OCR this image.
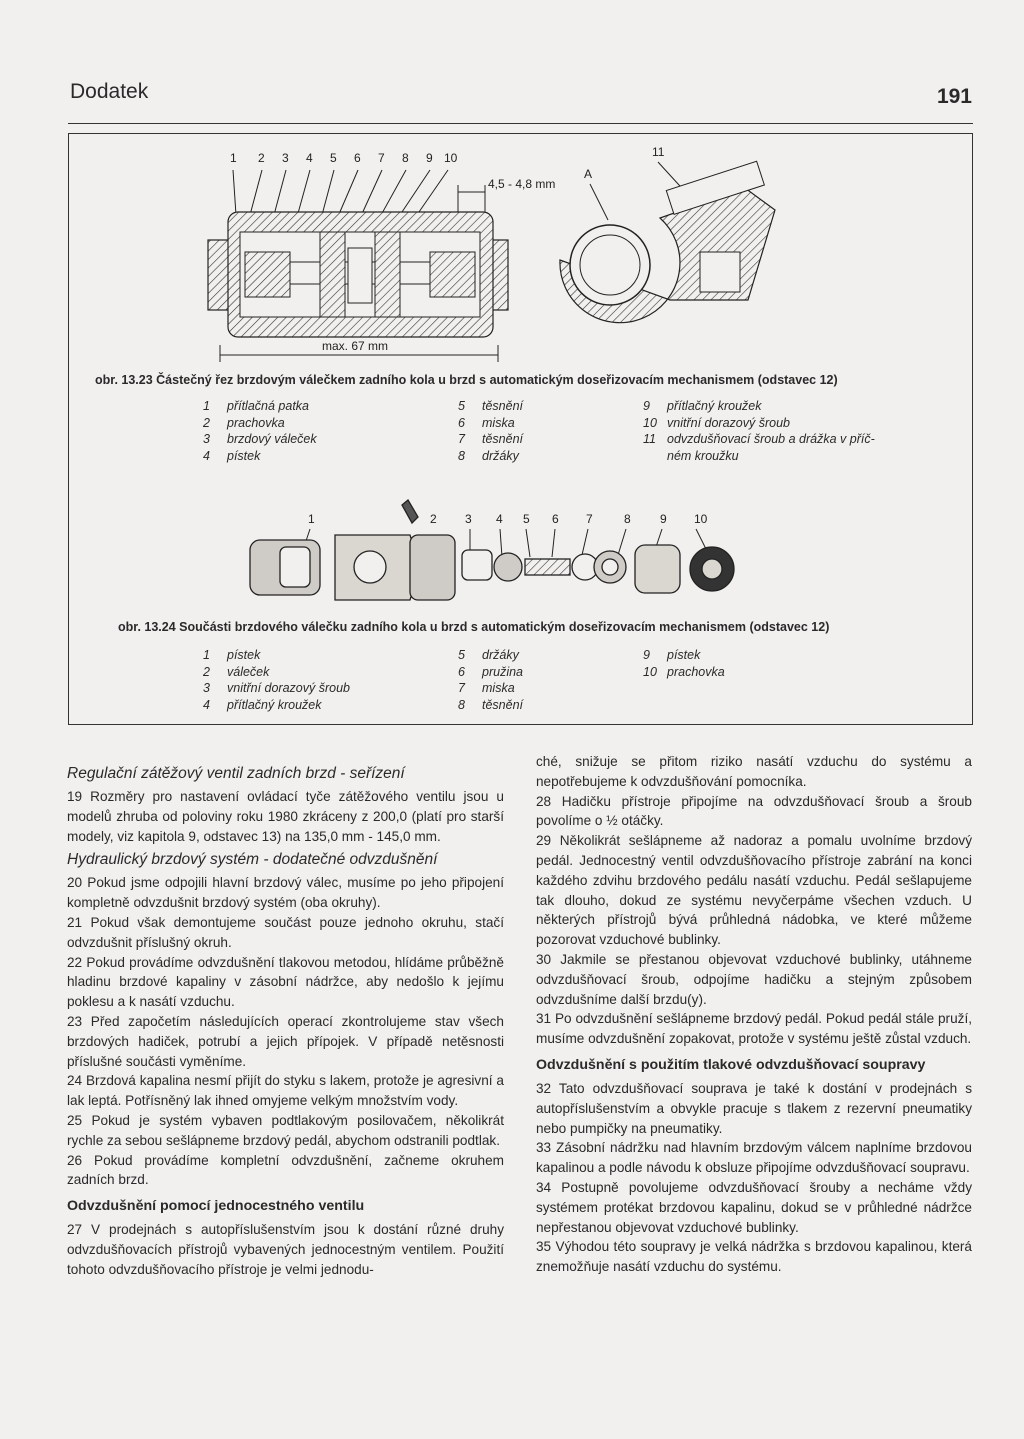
Dodatek	191
1 2 3 4 5 6 7 8 9 10
4,5 - 4,8 mm
max. 67 mm
11
A
obr. 13.23 Částečný řez brzdovým válečkem zadního kola u brzd s automatickým doseřizovacím mechanismem (odstavec 12)
1 přítlačná patka
2 prachovka
3 brzdový váleček
4 pístek
5 těsnění
6 miska
7 těsnění
8 držáky
9 přítlačný kroužek
10 vnitřní dorazový šroub
11 odvzdušňovací šroub a drážka v příč-
ném kroužku
1	2 3 4 5 6 7	8 9 10
obr. 13.24 Součásti brzdového válečku zadního kola u brzd s automatickým doseřizovacím mechanismem (odstavec 12)
1 pístek
2 váleček
3 vnitřní dorazový šroub
4 přítlačný kroužek
5 držáky
6 pružina
7 miska
8 těsnění
9 pístek
10 prachovka
Regulační zátěžový ventil zadních brzd - seřízení

19 Rozměry pro nastavení ovládací tyče zátěžového ventilu jsou u modelů zhruba od poloviny roku 1980 zkráceny z 200,0 (platí pro starší modely, viz kapitola 9, odstavec 13) na 135,0 mm - 145,0 mm.

Hydraulický brzdový systém - dodatečné odvzdušnění

20 Pokud jsme odpojili hlavní brzdový válec, musíme po jeho připojení kompletně odvzdušnit brzdový systém (oba okruhy).

21 Pokud však demontujeme součást pouze jednoho okruhu, stačí odvzdušnit příslušný okruh.

22 Pokud provádíme odvzdušnění tlakovou metodou, hlídáme průběžně hladinu brzdové kapaliny v zásobní nádržce, aby nedošlo k jejímu poklesu a k nasátí vzduchu.

23 Před započetím následujících operací zkontrolujeme stav všech brzdových hadiček, potrubí a jejich přípojek. V případě netěsnosti příslušné součásti vyměníme.

24 Brzdová kapalina nesmí přijít do styku s lakem, protože je agresivní a lak leptá. Potřísněný lak ihned omyjeme velkým množstvím vody.

25 Pokud je systém vybaven podtlakovým posilovačem, několikrát rychle za sebou sešlápneme brzdový pedál, abychom odstranili podtlak.

26 Pokud provádíme kompletní odvzdušnění, začneme okruhem zadních brzd.

Odvzdušnění pomocí jednocestného ventilu

27 V prodejnách s autopříslušenstvím jsou k dostání různé druhy odvzdušňovacích přístrojů vybavených jednocestným ventilem. Použití tohoto odvzdušňovacího přístroje je velmi jednodu-

ché, snižuje se přitom riziko nasátí vzduchu do systému a nepotřebujeme k odvzdušňování pomocníka.

28 Hadičku přístroje připojíme na odvzdušňovací šroub a šroub povolíme o ½ otáčky.

29 Několikrát sešlápneme až nadoraz a pomalu uvolníme brzdový pedál. Jednocestný ventil odvzdušňovacího přístroje zabrání na konci každého zdvihu brzdového pedálu nasátí vzduchu. Pedál sešlapujeme tak dlouho, dokud ze systému nevyčerpáme všechen vzduch. U některých přístrojů bývá průhledná nádobka, ve které můžeme pozorovat vzduchové bublinky.

30 Jakmile se přestanou objevovat vzduchové bublinky, utáhneme odvzdušňovací šroub, odpojíme hadičku a stejným způsobem odvzdušníme další brzdu(y).

31 Po odvzdušnění sešlápneme brzdový pedál. Pokud pedál stále pruží, musíme odvzdušnění zopakovat, protože v systému ještě zůstal vzduch.

Odvzdušnění s použitím tlakové odvzdušňovací soupravy

32 Tato odvzdušňovací souprava je také k dostání v prodejnách s autopříslušenstvím a obvykle pracuje s tlakem z rezervní pneumatiky nebo pumpičky na pneumatiky.

33 Zásobní nádržku nad hlavním brzdovým válcem naplníme brzdovou kapalinou a podle návodu k obsluze připojíme odvzdušňovací soupravu.

34 Postupně povolujeme odvzdušňovací šrouby a necháme vždy systémem protékat brzdovou kapalinu, dokud se v průhledné nádržce nepřestanou objevovat vzduchové bublinky.

35 Výhodou této soupravy je velká nádržka s brzdovou kapalinou, která znemožňuje nasátí vzduchu do systému.
